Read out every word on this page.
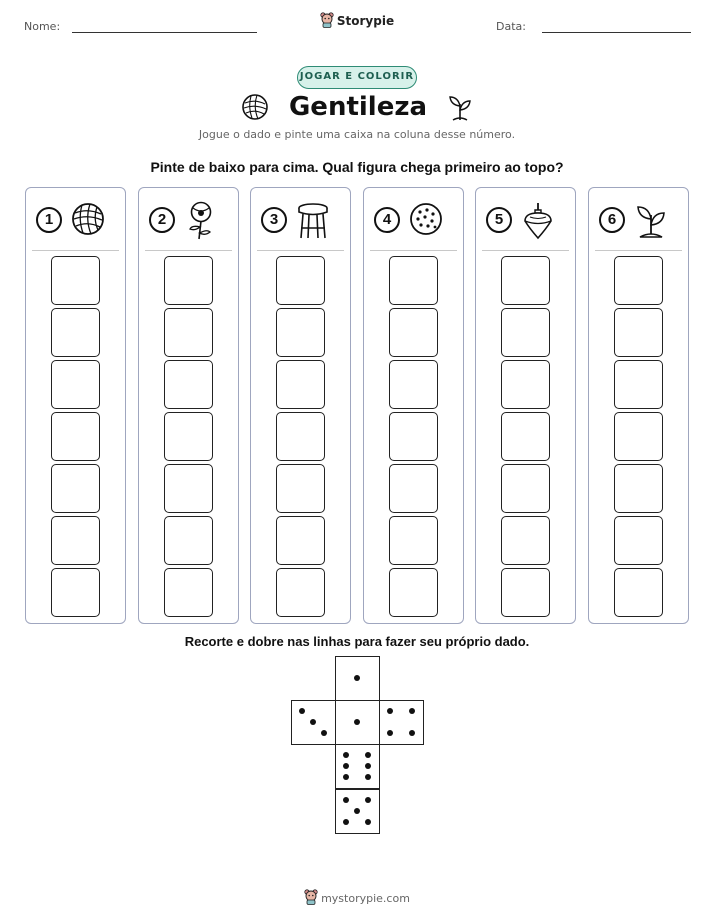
Nome:	Storypie	Data:
JOGAR E COLORIR
Gentileza
Jogue o dado e pinte uma caixa na coluna desse número.
Pinte de baixo para cima. Qual figura chega primeiro ao topo?
1	2	3	4	5	6
Recorte e dobre nas linhas para fazer seu próprio dado.
mystorypie.com
